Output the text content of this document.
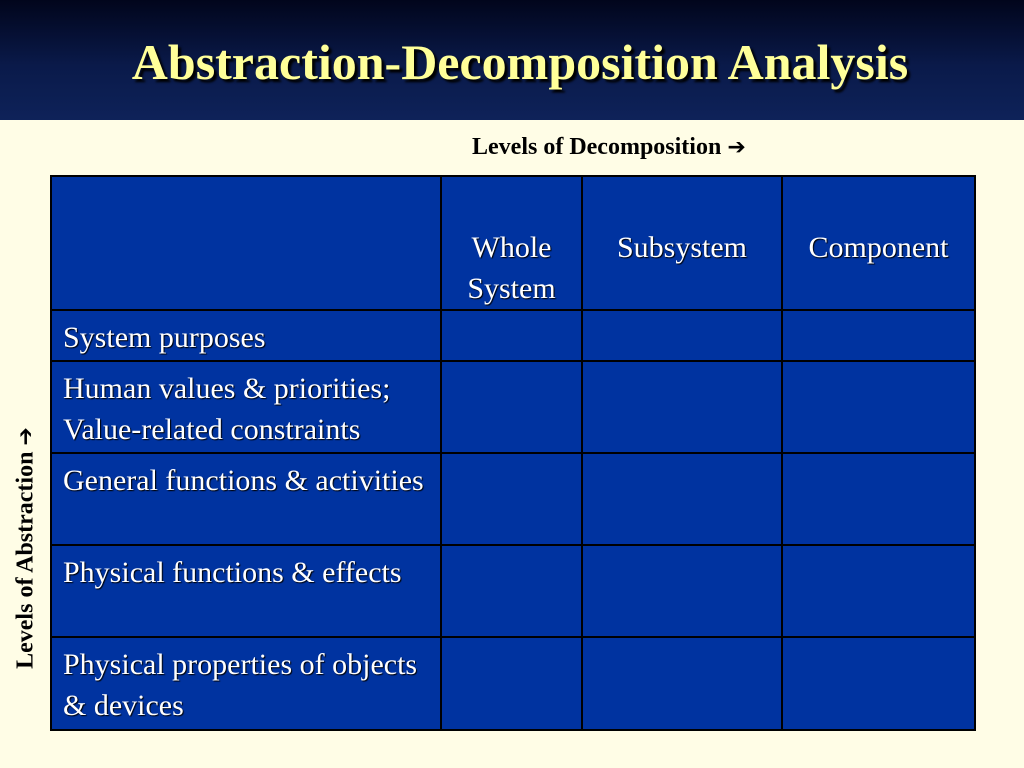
Abstraction-Decomposition Analysis
Levels of Decomposition ➔
Levels of Abstraction ➔
	Whole System	Subsystem	Component
System purposes			
Human values & priorities; Value-related constraints			
General functions & activities			
Physical functions & effects			
Physical properties of objects & devices			
